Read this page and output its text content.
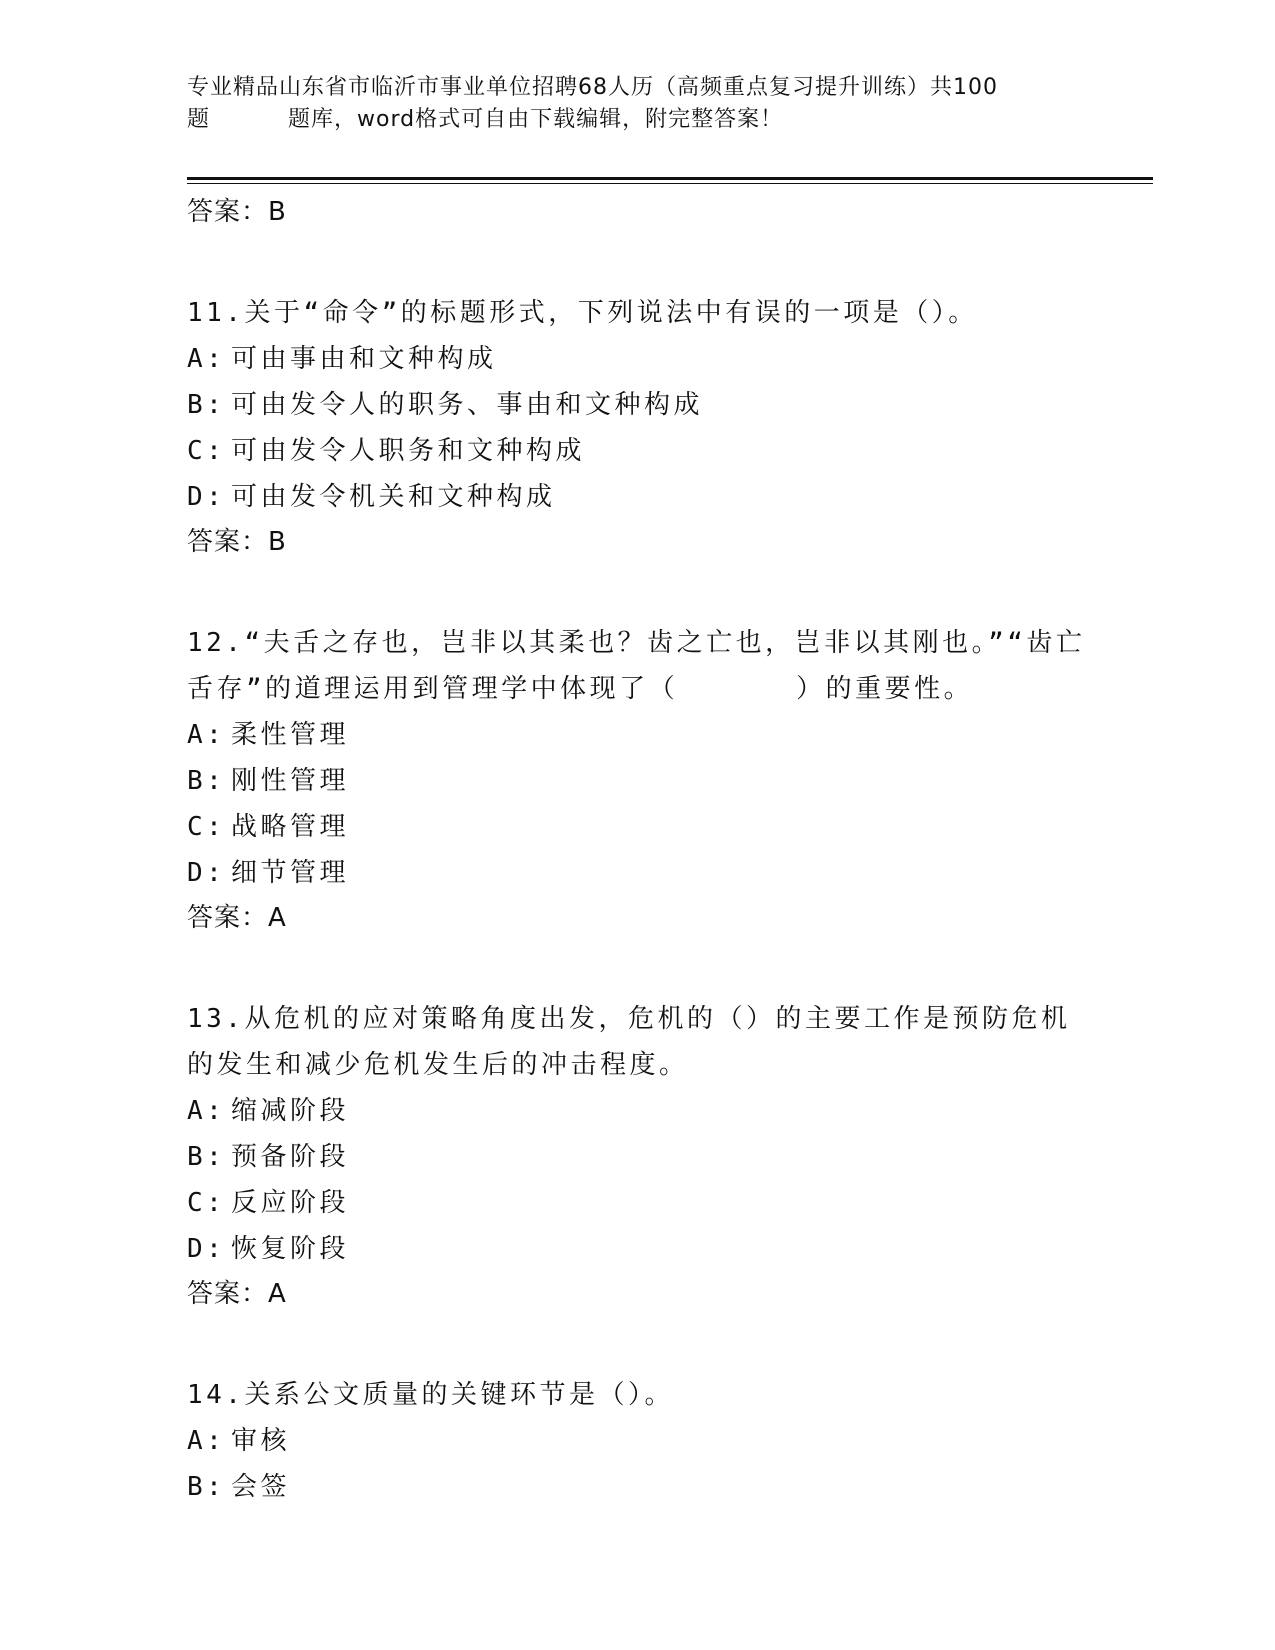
专业精品山东省市临沂市事业单位招聘68人历（高频重点复习提升训练）共100
题	题库，word格式可自由下载编辑，附完整答案！
答案：B
11.关于“命令”的标题形式，下列说法中有误的一项是（）。
A: 可由事由和文种构成
B: 可由发令人的职务、事由和文种构成
C: 可由发令人职务和文种构成
D: 可由发令机关和文种构成
答案：B
12.“夫舌之存也，岂非以其柔也？齿之亡也，岂非以其刚也。”“齿亡舌存”的道理运用到管理学中体现了（　　　　）的重要性。
A: 柔性管理
B: 刚性管理
C: 战略管理
D: 细节管理
答案：A
13.从危机的应对策略角度出发，危机的（）的主要工作是预防危机的发生和减少危机发生后的冲击程度。
A: 缩减阶段
B: 预备阶段
C: 反应阶段
D: 恢复阶段
答案：A
14.关系公文质量的关键环节是（）。
A: 审核
B: 会签
